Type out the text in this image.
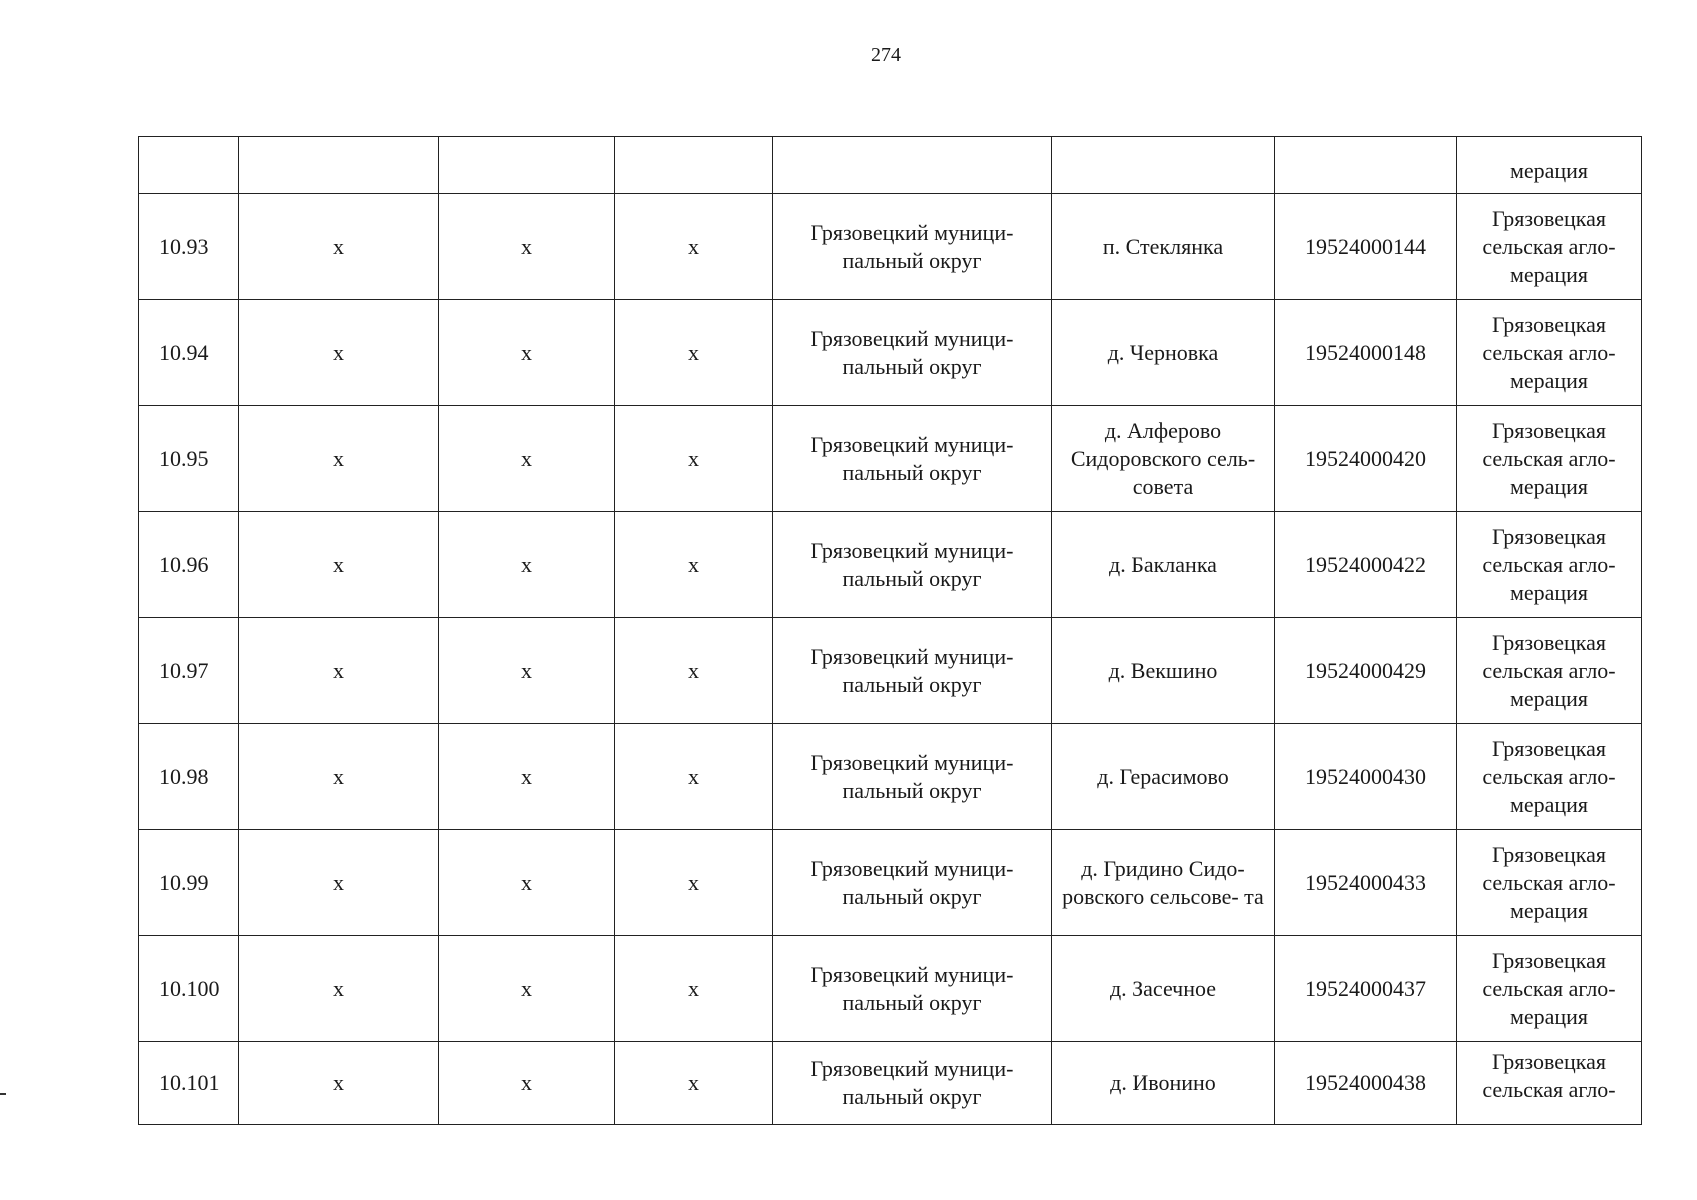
274
							мерация
10.93	х	х	х	Грязовецкий муници- пальный округ	п. Стеклянка	19524000144	Грязовецкая сельская агло- мерация
10.94	х	х	х	Грязовецкий муници- пальный округ	д. Черновка	19524000148	Грязовецкая сельская агло- мерация
10.95	х	х	х	Грязовецкий муници- пальный округ	д. Алферово Сидоровского сель- совета	19524000420	Грязовецкая сельская агло- мерация
10.96	х	х	х	Грязовецкий муници- пальный округ	д. Бакланка	19524000422	Грязовецкая сельская агло- мерация
10.97	х	х	х	Грязовецкий муници- пальный округ	д. Векшино	19524000429	Грязовецкая сельская агло- мерация
10.98	х	х	х	Грязовецкий муници- пальный округ	д. Герасимово	19524000430	Грязовецкая сельская агло- мерация
10.99	х	х	х	Грязовецкий муници- пальный округ	д. Гридино Сидо- ровского сельсове- та	19524000433	Грязовецкая сельская агло- мерация
10.100	х	х	х	Грязовецкий муници- пальный округ	д. Засечное	19524000437	Грязовецкая сельская агло- мерация
10.101	х	х	х	Грязовецкий муници- пальный округ	д. Ивонино	19524000438	Грязовецкая сельская агло-
